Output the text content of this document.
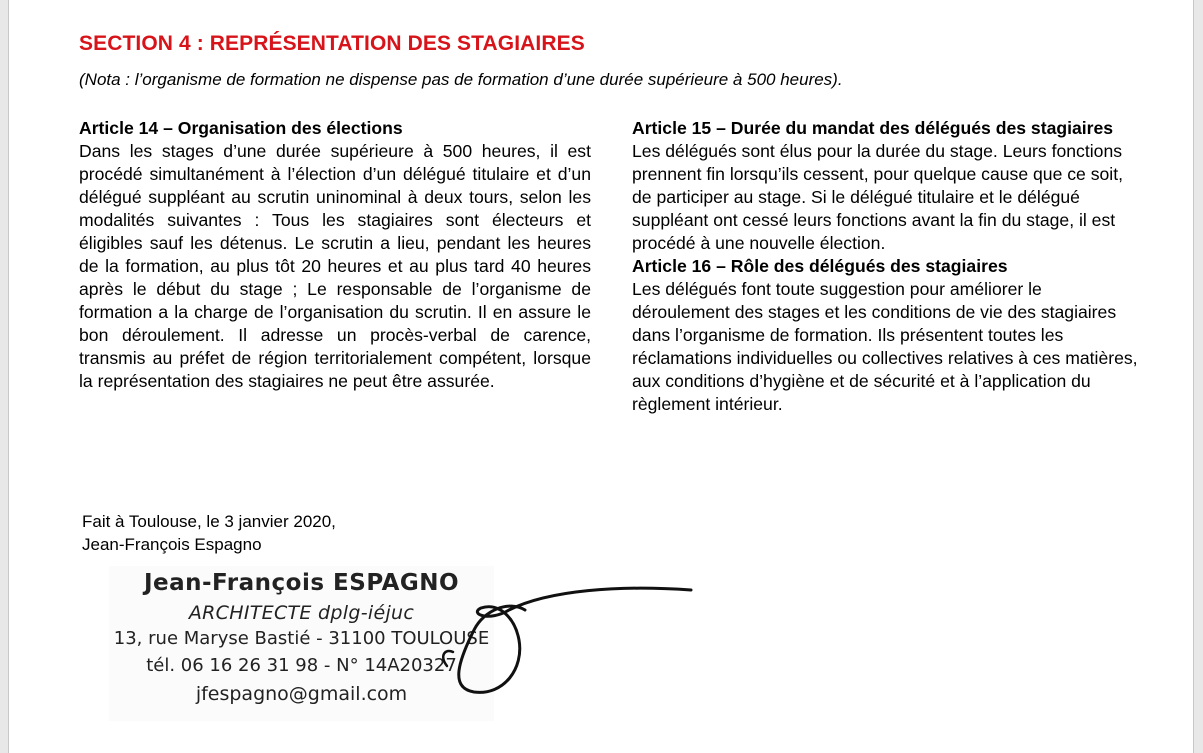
SECTION 4 : REPRÉSENTATION DES STAGIAIRES

(Nota : l’organisme de formation ne dispense pas de formation d’une durée supérieure à 500 heures).

Article 14 – Organisation des élections

Dans les stages d’une durée supérieure à 500 heures, il est procédé simultanément à l’élection d’un délégué titulaire et d’un délégué suppléant au scrutin uninominal à deux tours, selon les modalités suivantes : Tous les stagiaires sont électeurs et éligibles sauf les détenus. Le scrutin a lieu, pendant les heures de la formation, au plus tôt 20 heures et au plus tard 40 heures après le début du stage ; Le responsable de l’organisme de formation a la charge de l’organisation du scrutin. Il en assure le bon déroulement. Il adresse un procès-verbal de carence, transmis au préfet de région territorialement compétent, lorsque la représentation des stagiaires ne peut être assurée.

Article 15 – Durée du mandat des délégués des stagiaires

Les délégués sont élus pour la durée du stage. Leurs fonctions prennent fin lorsqu’ils cessent, pour quelque cause que ce soit, de participer au stage. Si le délégué titulaire et le délégué suppléant ont cessé leurs fonctions avant la fin du stage, il est procédé à une nouvelle élection.

Article 16 – Rôle des délégués des stagiaires

Les délégués font toute suggestion pour améliorer le déroulement des stages et les conditions de vie des stagiaires dans l’organisme de formation. Ils présentent toutes les réclamations individuelles ou collectives relatives à ces matières, aux conditions d’hygiène et de sécurité et à l’application du règlement intérieur.

Fait à Toulouse, le 3 janvier 2020,

Jean-François Espagno

Jean-François ESPAGNO
ARCHITECTE dplg-iéjuc
13, rue Maryse Bastié - 31100 TOULOUSE
tél. 06 16 26 31 98 - N° 14A20327
jfespagno@gmail.com
